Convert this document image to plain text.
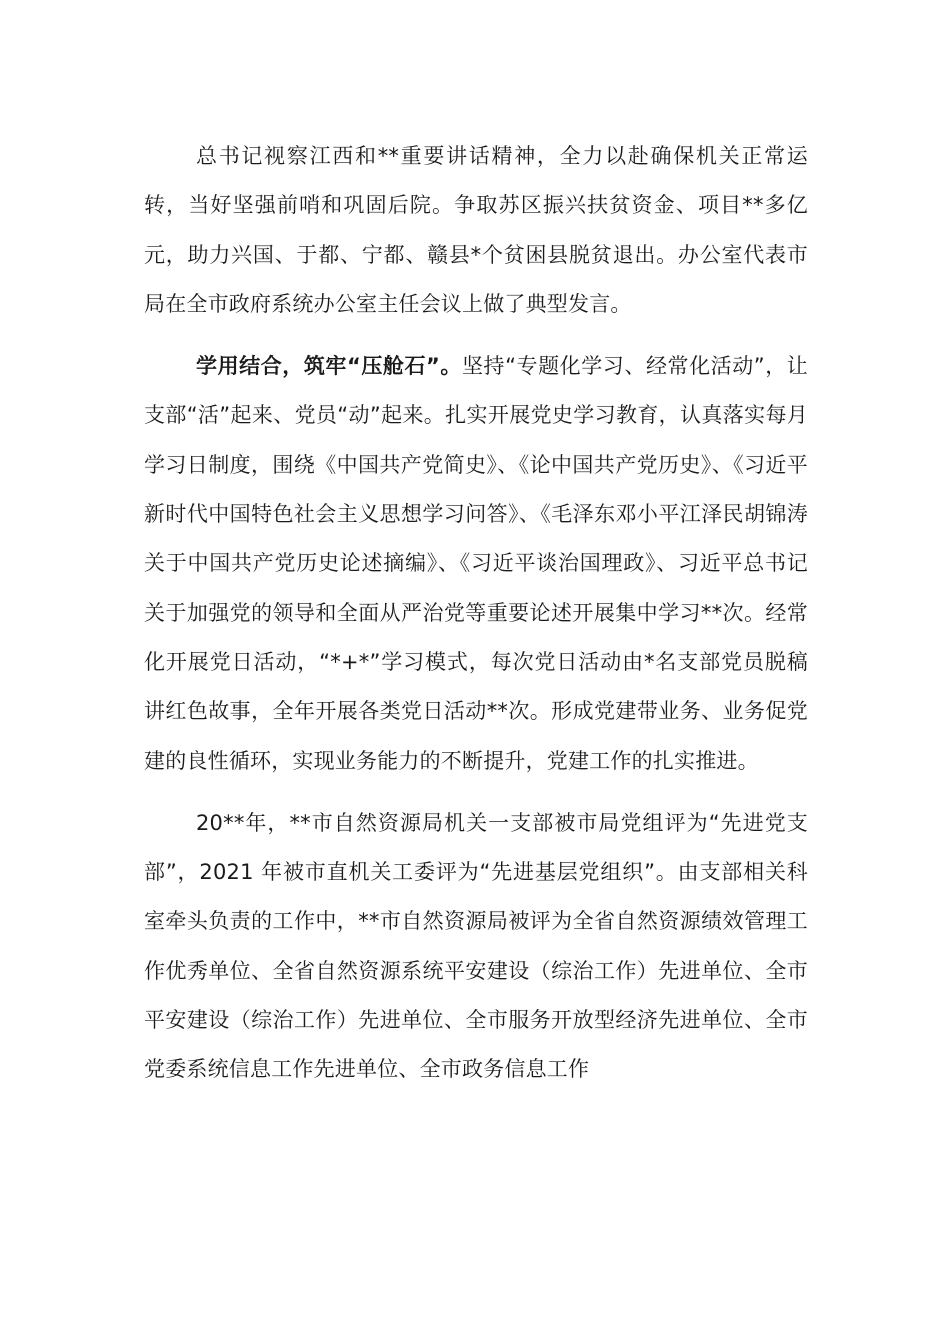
总书记视察江西和**重要讲话精神，全力以赴确保机关正常运转，当好坚强前哨和巩固后院。争取苏区振兴扶贫资金、项目**多亿元，助力兴国、于都、宁都、赣县*个贫困县脱贫退出。办公室代表市局在全市政府系统办公室主任会议上做了典型发言。

学用结合，筑牢“压舱石”。坚持“专题化学习、经常化活动”，让支部“活”起来、党员“动”起来。扎实开展党史学习教育，认真落实每月学习日制度，围绕《中国共产党简史》、《论中国共产党历史》、《习近平新时代中国特色社会主义思想学习问答》、《毛泽东邓小平江泽民胡锦涛关于中国共产党历史论述摘编》、《习近平谈治国理政》、习近平总书记关于加强党的领导和全面从严治党等重要论述开展集中学习**次。经常化开展党日活动，“*+*”学习模式，每次党日活动由*名支部党员脱稿讲红色故事，全年开展各类党日活动**次。形成党建带业务、业务促党建的良性循环，实现业务能力的不断提升，党建工作的扎实推进。

20**年，**市自然资源局机关一支部被市局党组评为“先进党支部”，2021 年被市直机关工委评为“先进基层党组织”。由支部相关科室牵头负责的工作中，**市自然资源局被评为全省自然资源绩效管理工作优秀单位、全省自然资源系统平安建设（综治工作）先进单位、全市平安建设（综治工作）先进单位、全市服务开放型经济先进单位、全市党委系统信息工作先进单位、全市政务信息工作
